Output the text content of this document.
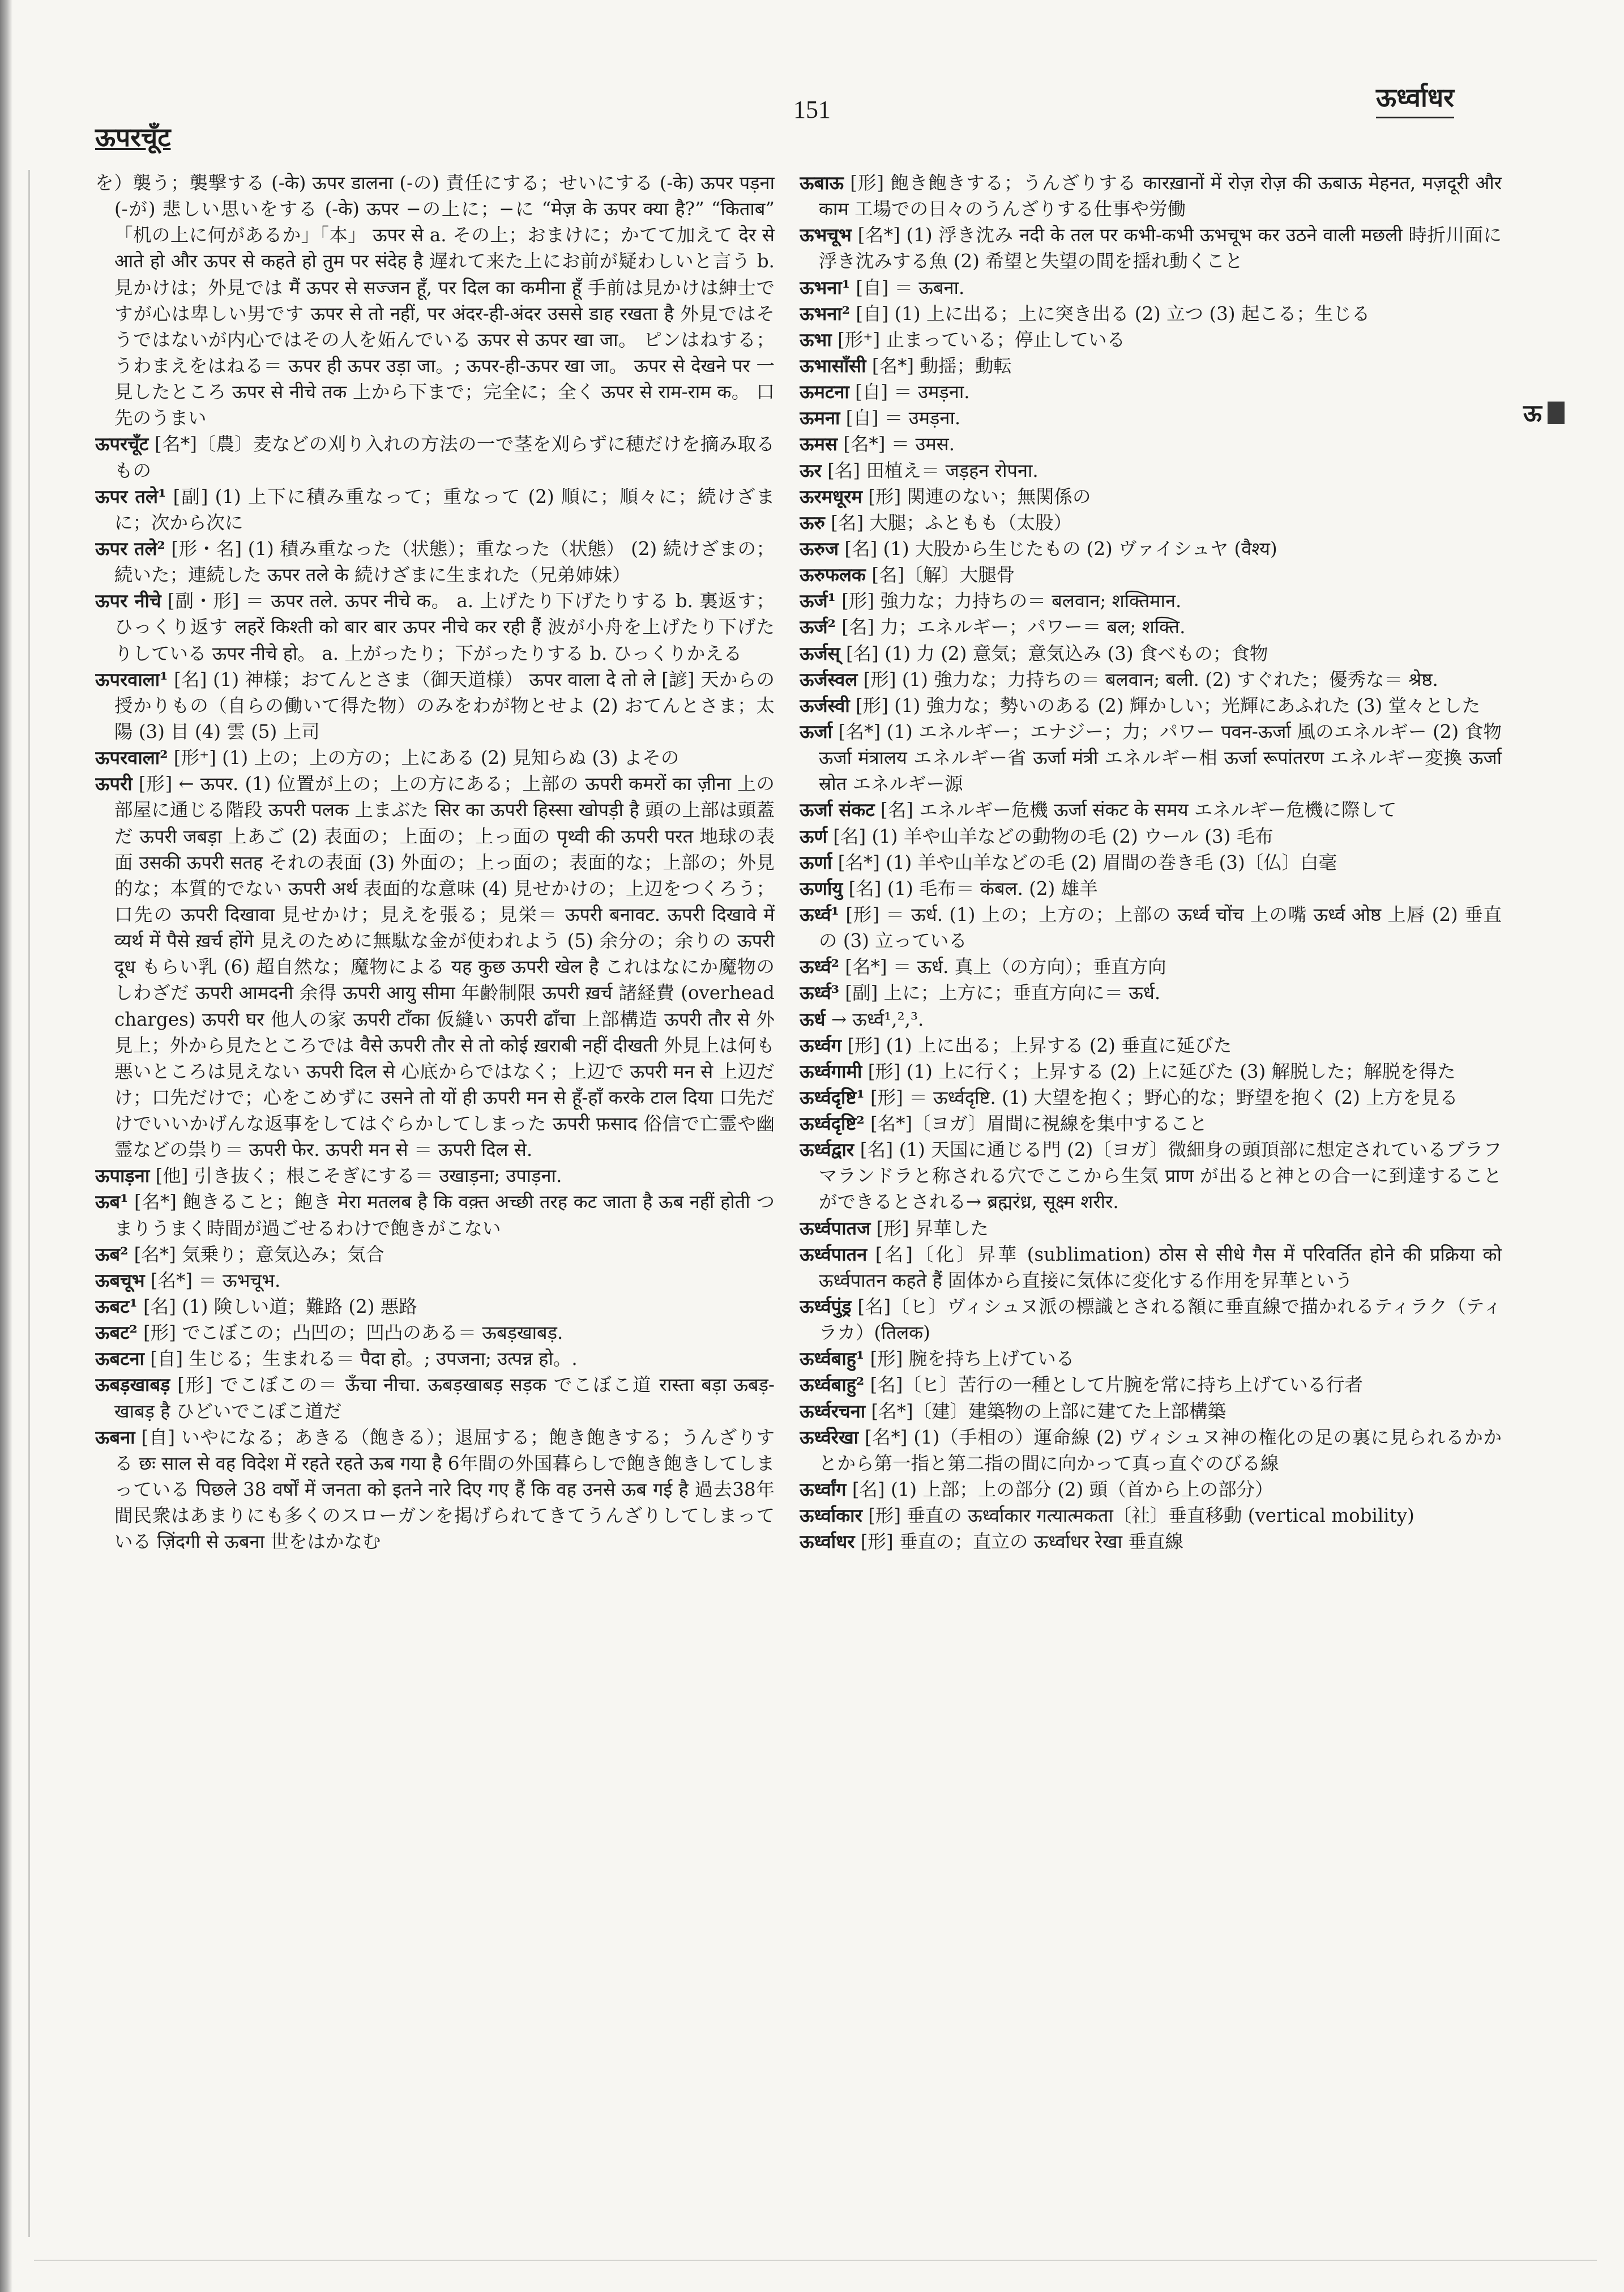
151
ऊपरचूँट
ऊर्ध्वाधर
ऊ

を）襲う；襲撃する (-के) ऊपर डालना (-の) 責任にする；せいにする (-के) ऊपर पड़ना (-が) 悲しい思いをする (-के) ऊपर −の上に；−に “मेज़ के ऊपर क्या है?” “किताब” 「机の上に何があるか」「本」 ऊपर से a. その上；おまけに；かてて加えて देर से आते हो और ऊपर से कहते हो तुम पर संदेह है 遅れて来た上にお前が疑わしいと言う b. 見かけは；外見では मैं ऊपर से सज्जन हूँ, पर दिल का कमीना हूँ 手前は見かけは紳士ですが心は卑しい男です ऊपर से तो नहीं, पर अंदर-ही-अंदर उससे डाह रखता है 外見ではそうではないが内心ではその人を妬んでいる ऊपर से ऊपर खा जा。 ピンはねする；うわまえをはねる＝ ऊपर ही ऊपर उड़ा जा。; ऊपर-ही-ऊपर खा जा。 ऊपर से देखने पर 一見したところ ऊपर से नीचे तक 上から下まで；完全に；全く ऊपर से राम-राम क。 口先のうまい

ऊपरचूँट [名*]〔農〕麦などの刈り入れの方法の一で茎を刈らずに穂だけを摘み取るもの

ऊपर तले¹ [副] (1) 上下に積み重なって；重なって (2) 順に；順々に；続けざまに；次から次に

ऊपर तले² [形・名] (1) 積み重なった（状態）；重なった（状態） (2) 続けざまの；続いた；連続した ऊपर तले के 続けざまに生まれた（兄弟姉妹）

ऊपर नीचे [副・形] ＝ ऊपर तले. ऊपर नीचे क。 a. 上げたり下げたりする b. 裏返す；ひっくり返す लहरें किश्ती को बार बार ऊपर नीचे कर रही हैं 波が小舟を上げたり下げたりしている ऊपर नीचे हो。 a. 上がったり；下がったりする b. ひっくりかえる

ऊपरवाला¹ [名] (1) 神様；おてんとさま（御天道様） ऊपर वाला दे तो ले [諺] 天からの授かりもの（自らの働いて得た物）のみをわが物とせよ (2) おてんとさま；太陽 (3) 目 (4) 雲 (5) 上司

ऊपरवाला² [形⁺] (1) 上の；上の方の；上にある (2) 見知らぬ (3) よその

ऊपरी [形] ← ऊपर. (1) 位置が上の；上の方にある；上部の ऊपरी कमरों का ज़ीना 上の部屋に通じる階段 ऊपरी पलक 上まぶた सिर का ऊपरी हिस्सा खोपड़ी है 頭の上部は頭蓋だ ऊपरी जबड़ा 上あご (2) 表面の；上面の；上っ面の पृथ्वी की ऊपरी परत 地球の表面 उसकी ऊपरी सतह それの表面 (3) 外面の；上っ面の；表面的な；上部の；外見的な；本質的でない ऊपरी अर्थ 表面的な意味 (4) 見せかけの；上辺をつくろう；口先の ऊपरी दिखावा 見せかけ；見えを張る；見栄＝ ऊपरी बनावट. ऊपरी दिखावे में व्यर्थ में पैसे ख़र्च होंगे 見えのために無駄な金が使われよう (5) 余分の；余りの ऊपरी दूध もらい乳 (6) 超自然な；魔物による यह कुछ ऊपरी खेल है これはなにか魔物のしわざだ ऊपरी आमदनी 余得 ऊपरी आयु सीमा 年齢制限 ऊपरी ख़र्च 諸経費 (overhead charges) ऊपरी घर 他人の家 ऊपरी टाँका 仮縫い ऊपरी ढाँचा 上部構造 ऊपरी तौर से 外見上；外から見たところでは वैसे ऊपरी तौर से तो कोई ख़राबी नहीं दीखती 外見上は何も悪いところは見えない ऊपरी दिल से 心底からではなく；上辺で ऊपरी मन से 上辺だけ；口先だけで；心をこめずに उसने तो यों ही ऊपरी मन से हूँ-हाँ करके टाल दिया 口先だけでいいかげんな返事をしてはぐらかしてしまった ऊपरी फ़साद 俗信で亡霊や幽霊などの祟り＝ ऊपरी फेर. ऊपरी मन से ＝ ऊपरी दिल से.

ऊपाड़ना [他] 引き抜く；根こそぎにする＝ उखाड़ना; उपाड़ना.

ऊब¹ [名*] 飽きること；飽き मेरा मतलब है कि वक़्त अच्छी तरह कट जाता है ऊब नहीं होती つまりうまく時間が過ごせるわけで飽きがこない

ऊब² [名*] 気乗り；意気込み；気合

ऊबचूभ [名*] ＝ ऊभचूभ.

ऊबट¹ [名] (1) 険しい道；難路 (2) 悪路

ऊबट² [形] でこぼこの；凸凹の；凹凸のある＝ ऊबड़खाबड़.

ऊबटना [自] 生じる；生まれる＝ पैदा हो。; उपजना; उत्पन्न हो。.

ऊबड़खाबड़ [形] でこぼこの＝ ऊँचा नीचा. ऊबड़खाबड़ सड़क でこぼこ道 रास्ता बड़ा ऊबड़-खाबड़ है ひどいでこぼこ道だ

ऊबना [自] いやになる；あきる（飽きる）；退屈する；飽き飽きする；うんざりする छः साल से वह विदेश में रहते रहते ऊब गया है 6年間の外国暮らしで飽き飽きしてしまっている पिछले 38 वर्षों में जनता को इतने नारे दिए गए हैं कि वह उनसे ऊब गई है 過去38年間民衆はあまりにも多くのスローガンを掲げられてきてうんざりしてしまっている ज़िंदगी से ऊबना 世をはかなむ

ऊबाऊ [形] 飽き飽きする；うんざりする कारख़ानों में रोज़ रोज़ की ऊबाऊ मेहनत, मज़दूरी और काम 工場での日々のうんざりする仕事や労働

ऊभचूभ [名*] (1) 浮き沈み नदी के तल पर कभी-कभी ऊभचूभ कर उठने वाली मछली 時折川面に浮き沈みする魚 (2) 希望と失望の間を揺れ動くこと

ऊभना¹ [自] ＝ ऊबना.

ऊभना² [自] (1) 上に出る；上に突き出る (2) 立つ (3) 起こる；生じる

ऊभा [形⁺] 止まっている；停止している

ऊभासाँसी [名*] 動揺；動転

ऊमटना [自] ＝ उमड़ना.

ऊमना [自] ＝ उमड़ना.

ऊमस [名*] ＝ उमस.

ऊर [名] 田植え＝ जड़हन रोपना.

ऊरमधूरम [形] 関連のない；無関係の

ऊरु [名] 大腿；ふともも（太股）

ऊरुज [名] (1) 大股から生じたもの (2) ヴァイシュヤ (वैश्य)

ऊरुफलक [名]〔解〕大腿骨

ऊर्ज¹ [形] 強力な；力持ちの＝ बलवान; शक्तिमान.

ऊर्ज² [名] 力；エネルギー；パワー＝ बल; शक्ति.

ऊर्जस् [名] (1) 力 (2) 意気；意気込み (3) 食べもの；食物

ऊर्जस्वल [形] (1) 強力な；力持ちの＝ बलवान; बली. (2) すぐれた；優秀な＝ श्रेष्ठ.

ऊर्जस्वी [形] (1) 強力な；勢いのある (2) 輝かしい；光輝にあふれた (3) 堂々とした

ऊर्जा [名*] (1) エネルギー；エナジー；力；パワー पवन-ऊर्जा 風のエネルギー (2) 食物 ऊर्जा मंत्रालय エネルギー省 ऊर्जा मंत्री エネルギー相 ऊर्जा रूपांतरण エネルギー変換 ऊर्जा स्रोत エネルギー源

ऊर्जा संकट [名] エネルギー危機 ऊर्जा संकट के समय エネルギー危機に際して

ऊर्ण [名] (1) 羊や山羊などの動物の毛 (2) ウール (3) 毛布

ऊर्णा [名*] (1) 羊や山羊などの毛 (2) 眉間の巻き毛 (3)〔仏〕白毫

ऊर्णायु [名] (1) 毛布＝ कंबल. (2) 雄羊

ऊर्ध्व¹ [形] ＝ ऊर्ध. (1) 上の；上方の；上部の ऊर्ध्व चोंच 上の嘴 ऊर्ध्व ओष्ठ 上唇 (2) 垂直の (3) 立っている

ऊर्ध्व² [名*] ＝ ऊर्ध. 真上（の方向）；垂直方向

ऊर्ध्व³ [副] 上に；上方に；垂直方向に＝ ऊर्ध.

ऊर्ध → ऊर्ध्व¹,²,³.

ऊर्ध्वग [形] (1) 上に出る；上昇する (2) 垂直に延びた

ऊर्ध्वगामी [形] (1) 上に行く；上昇する (2) 上に延びた (3) 解脱した；解脱を得た

ऊर्ध्वदृष्टि¹ [形] ＝ ऊर्ध्वदृष्टि. (1) 大望を抱く；野心的な；野望を抱く (2) 上方を見る

ऊर्ध्वदृष्टि² [名*]〔ヨガ〕眉間に視線を集中すること

ऊर्ध्वद्वार [名] (1) 天国に通じる門 (2)〔ヨガ〕微細身の頭頂部に想定されているブラフマランドラと称される穴でここから生気 प्राण が出ると神との合一に到達することができるとされる→ ब्रह्मरंध्र, सूक्ष्म शरीर.

ऊर्ध्वपातज [形] 昇華した

ऊर्ध्वपातन [名]〔化〕昇華 (sublimation) ठोस से सीधे गैस में परिवर्तित होने की प्रक्रिया को ऊर्ध्वपातन कहते हैं 固体から直接に気体に変化する作用を昇華という

ऊर्ध्वपुंड्र [名]〔ヒ〕ヴィシュヌ派の標識とされる額に垂直線で描かれるティラク（ティラカ）(तिलक)

ऊर्ध्वबाहु¹ [形] 腕を持ち上げている

ऊर्ध्वबाहु² [名]〔ヒ〕苦行の一種として片腕を常に持ち上げている行者

ऊर्ध्वरचना [名*]〔建〕建築物の上部に建てた上部構築

ऊर्ध्वरेखा [名*] (1)（手相の）運命線 (2) ヴィシュヌ神の権化の足の裏に見られるかかとから第一指と第二指の間に向かって真っ直ぐのびる線

ऊर्ध्वांग [名] (1) 上部；上の部分 (2) 頭（首から上の部分）

ऊर्ध्वाकार [形] 垂直の ऊर्ध्वाकार गत्यात्मकता〔社〕垂直移動 (vertical mobility)

ऊर्ध्वाधर [形] 垂直の；直立の ऊर्ध्वाधर रेखा 垂直線
